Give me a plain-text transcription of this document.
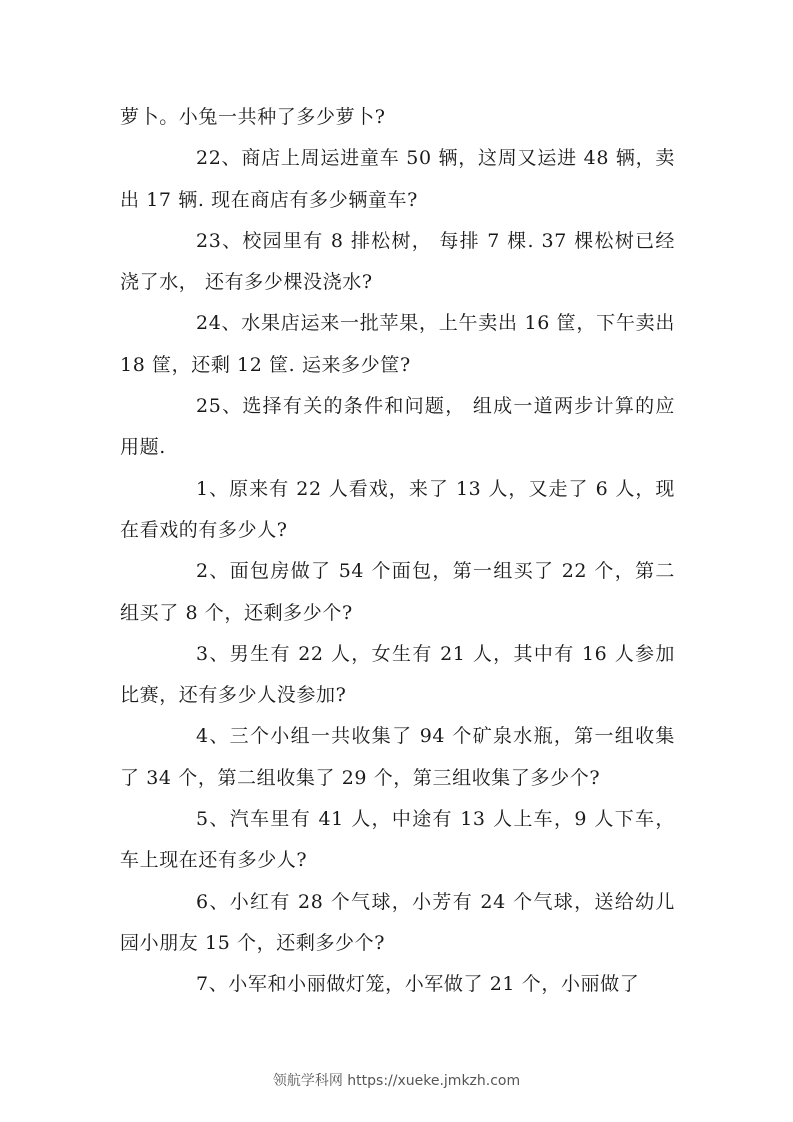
萝卜。小兔一共种了多少萝卜?

22、商店上周运进童车 50 辆，这周又运进 48 辆，卖出 17 辆. 现在商店有多少辆童车?

23、校园里有 8 排松树， 每排 7 棵. 37 棵松树已经浇了水， 还有多少棵没浇水?

24、水果店运来一批苹果，上午卖出 16 筐，下午卖出 18 筐，还剩 12 筐. 运来多少筐?

25、选择有关的条件和问题， 组成一道两步计算的应用题.

1、原来有 22 人看戏，来了 13 人，又走了 6 人，现在看戏的有多少人?

2、面包房做了 54 个面包，第一组买了 22 个，第二组买了 8 个，还剩多少个?

3、男生有 22 人，女生有 21 人，其中有 16 人参加比赛，还有多少人没参加?

4、三个小组一共收集了 94 个矿泉水瓶，第一组收集了 34 个，第二组收集了 29 个，第三组收集了多少个?

5、汽车里有 41 人，中途有 13 人上车，9 人下车，车上现在还有多少人?

6、小红有 28 个气球，小芳有 24 个气球，送给幼儿园小朋友 15 个，还剩多少个?

7、小军和小丽做灯笼，小军做了 21 个，小丽做了

领航学科网 https://xueke.jmkzh.com
